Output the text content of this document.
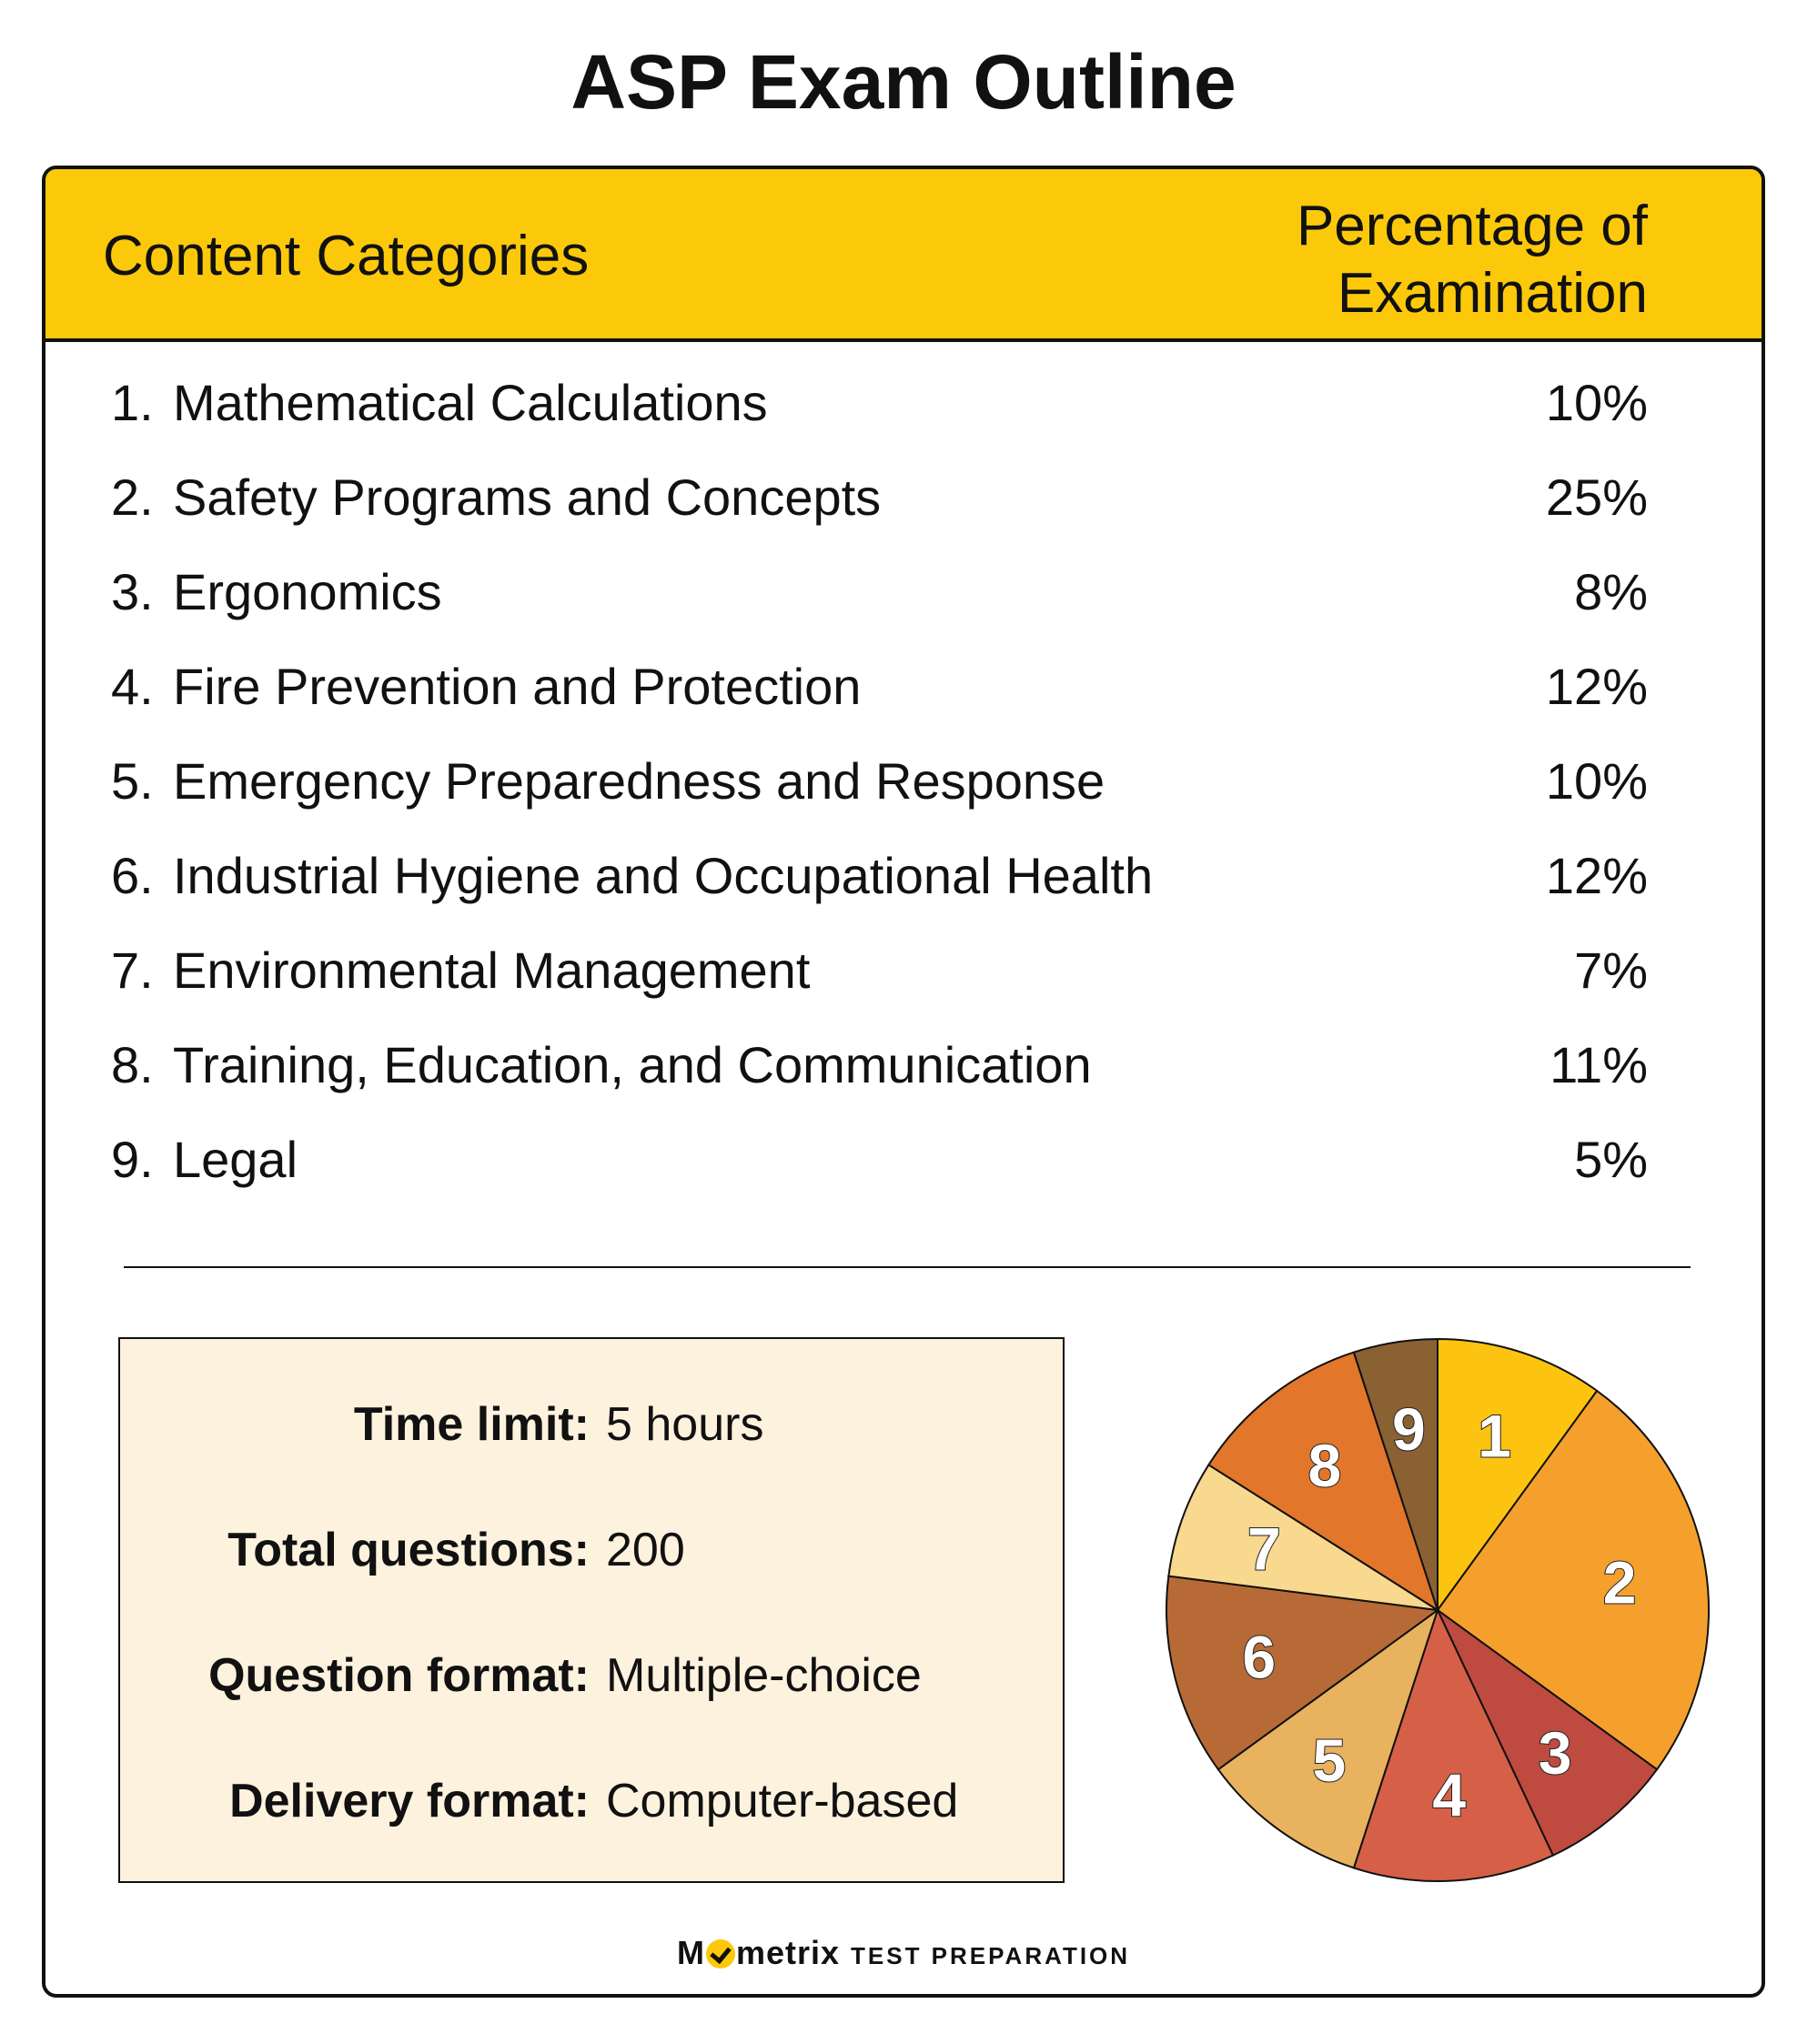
ASP Exam Outline
Content Categories	Percentage of
Examination
1. Mathematical Calculations	10%
2. Safety Programs and Concepts	25%
3. Ergonomics	8%
4. Fire Prevention and Protection	12%
5. Emergency Preparedness and Response	10%
6. Industrial Hygiene and Occupational Health	12%
7. Environmental Management	7%
8. Training, Education, and Communication	11%
9. Legal	5%
Time limit: 5 hours
Total questions: 200
Question format: Multiple-choice
Delivery format: Computer-based
1
2
3
4
5
6
7
8
9
M metrix TEST PREPARATION
